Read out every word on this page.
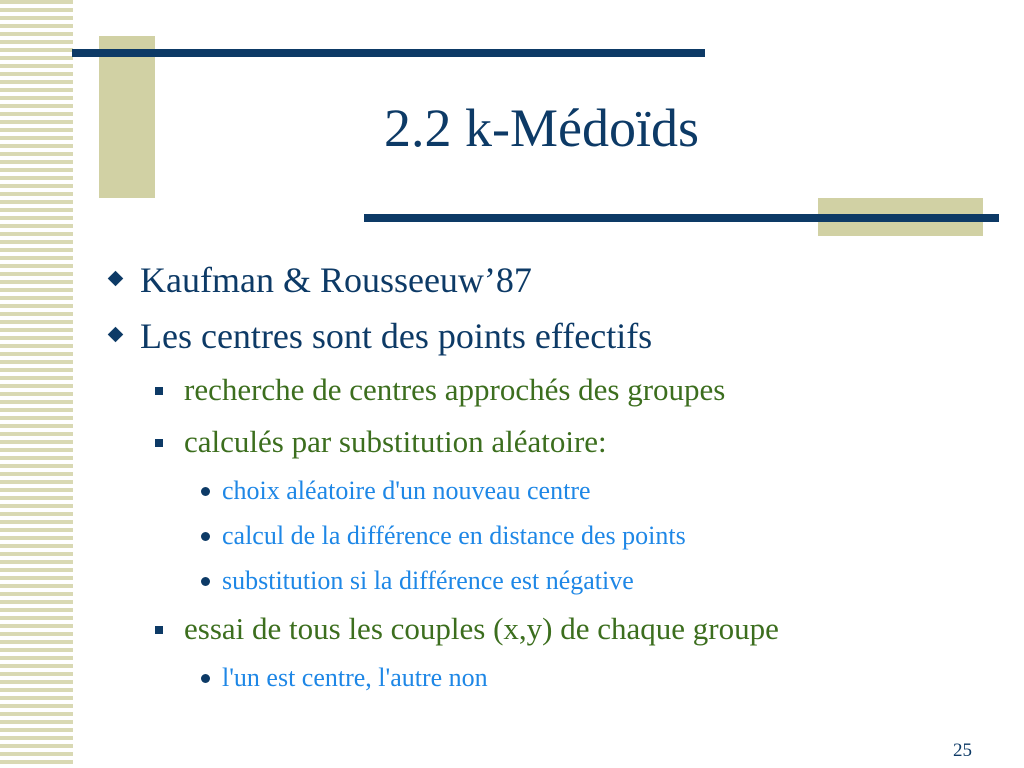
2.2 k-Médoïds
Kaufman & Rousseeuw’87
Les centres sont des points effectifs
recherche de centres approchés des groupes
calculés par substitution aléatoire:
choix aléatoire d'un nouveau centre
calcul de la différence en distance des points
substitution si la différence est négative
essai de tous les couples (x,y) de chaque groupe
l'un est centre, l'autre non
25
